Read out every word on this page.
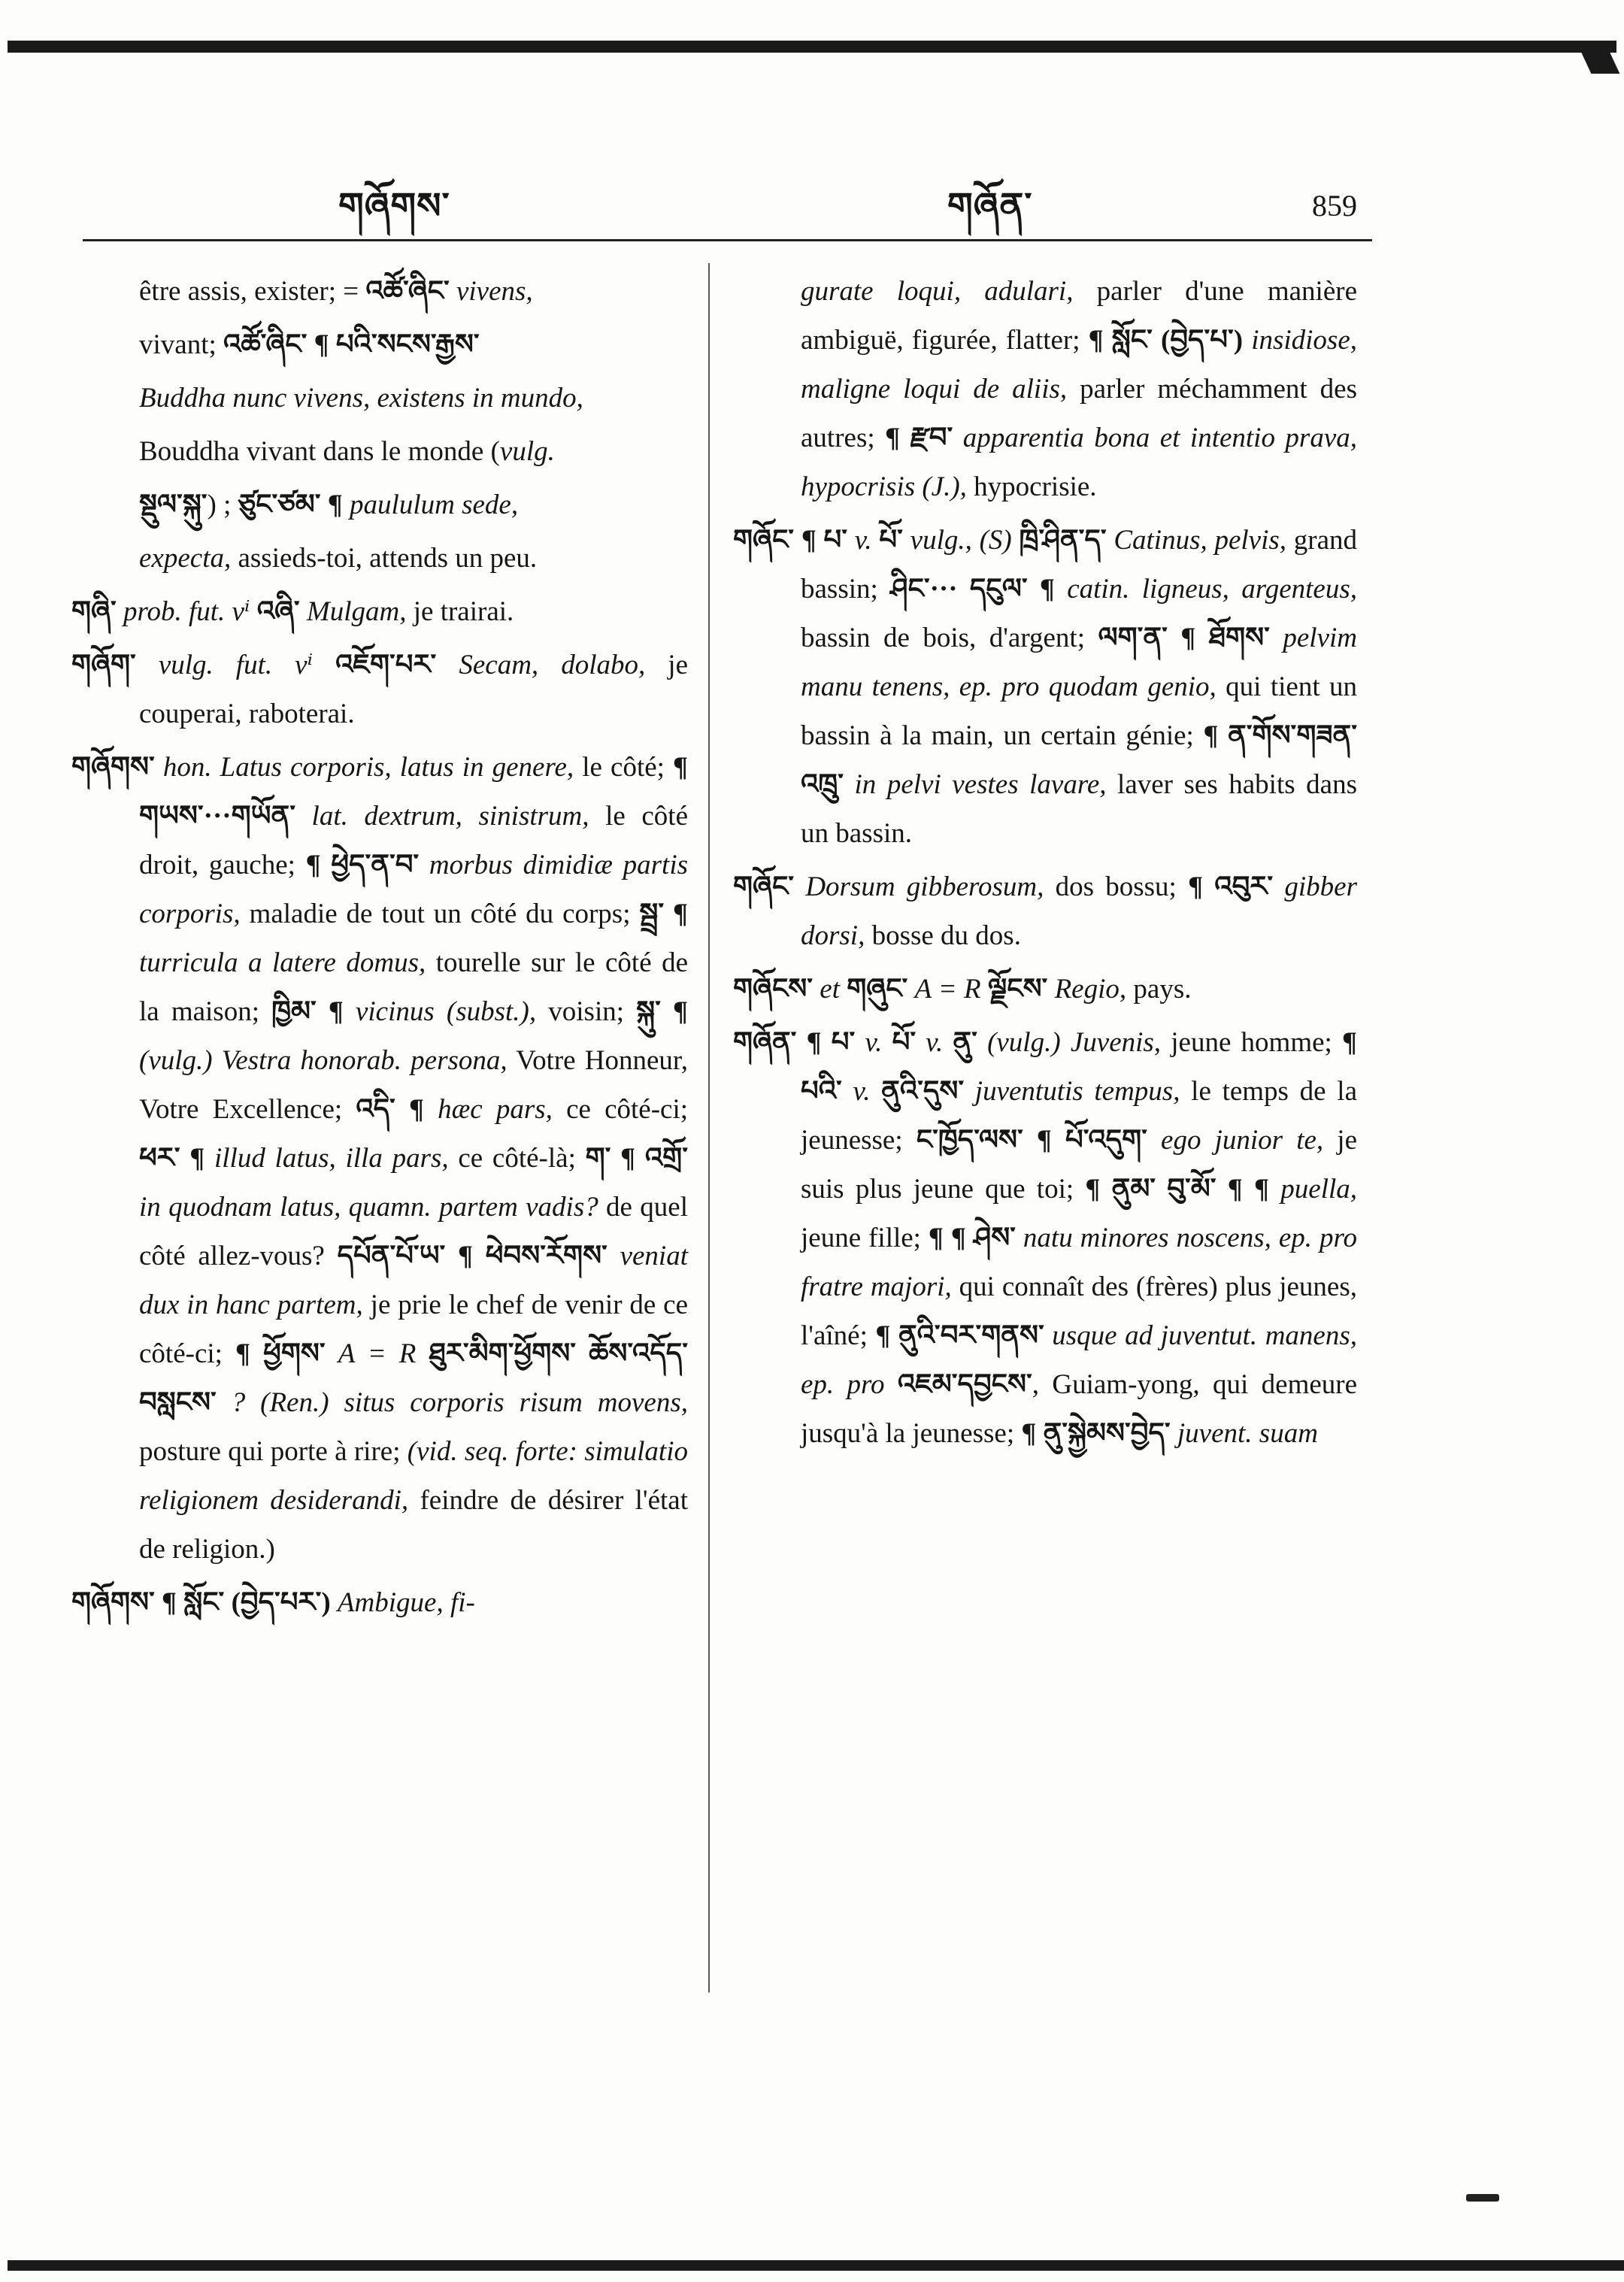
གཞོགས་	གཞོན་	859

être assis, exister; = འཚོ་ཞིང་ vivens,

vivant; འཚོ་ཞིང་ ¶ པའི་སངས་རྒྱས་

Buddha nunc vivens, existens in mundo,

Bouddha vivant dans le monde (vulg.

སྡུལ་སྐུ་) ; ཙུང་ཙམ་ ¶ paululum sede,

expecta, assieds-toi, attends un peu.

གཞི་ prob. fut. vⁱ འཞི་ Mulgam, je trairai.

གཞོག་ vulg. fut. vⁱ འཇོག་པར་ Secam, dolabo, je couperai, raboterai.

གཞོགས་ hon. Latus corporis, latus in genere, le côté; ¶ གཡས་···གཡོན་ lat. dextrum, sinistrum, le côté droit, gauche; ¶ ཕྱེད་ན་བ་ morbus dimidiæ partis corporis, maladie de tout un côté du corps; སྦྲ་ ¶ turricula a latere domus, tourelle sur le côté de la maison; ཁྱིམ་ ¶ vicinus (subst.), voisin; སྐུ་ ¶ (vulg.) Vestra honorab. persona, Votre Honneur, Votre Excellence; འདི་ ¶ hæc pars, ce côté-ci; ཕར་ ¶ illud latus, illa pars, ce côté-là; ག་ ¶ འགྲོ་ in quodnam latus, quamn. partem vadis? de quel côté allez-vous? དཔོན་པོ་ཡ་ ¶ ཕེབས་རོགས་ veniat dux in hanc partem, je prie le chef de venir de ce côté-ci; ¶ ཕྱོགས་ A = R ཐུར་མིག་ཕྱོགས་ ཆོས་འདོད་བསླངས་ ? (Ren.) situs corporis risum movens, posture qui porte à rire; (vid. seq. forte: simulatio religionem desiderandi, feindre de désirer l'état de religion.)

གཞོགས་ ¶ སློང་ (བྱེད་པར་) Ambigue, fi-

gurate loqui, adulari, parler d'une manière ambiguë, figurée, flatter; ¶ སློང་ (བྱེད་པ་) insidiose, maligne loqui de aliis, parler méchamment des autres; ¶ རྫབ་ apparentia bona et intentio prava, hypocrisis (J.), hypocrisie.

གཞོང་ ¶ པ་ v. པོ་ vulg., (S) ཁྲི་ཤིན་ད་ Catinus, pelvis, grand bassin; ཤིང་··· དངུལ་ ¶ catin. ligneus, argenteus, bassin de bois, d'argent; ལག་ན་ ¶ ཐོགས་ pelvim manu tenens, ep. pro quodam genio, qui tient un bassin à la main, un certain génie; ¶ ན་གོས་གཟན་འཁྲུ་ in pelvi vestes lavare, laver ses habits dans un bassin.

གཞོང་ Dorsum gibberosum, dos bossu; ¶ འབུར་ gibber dorsi, bosse du dos.

གཞོངས་ et གཞུང་ A = R ལྗོངས་ Regio, pays.

གཞོན་ ¶ པ་ v. པོ་ v. ནུ་ (vulg.) Juvenis, jeune homme; ¶ པའི་ v. ནུའི་དུས་ juventutis tempus, le temps de la jeunesse; ང་ཁྱོད་ལས་ ¶ པོ་འདུག་ ego junior te, je suis plus jeune que toi; ¶ ནུམ་ བུ་མོ་ ¶ ¶ puella, jeune fille; ¶ ¶ ཤེས་ natu minores noscens, ep. pro fratre majori, qui connaît des (frères) plus jeunes, l'aîné; ¶ ནུའི་བར་གནས་ usque ad juventut. manens, ep. pro འཇམ་དབྱངས་, Guiam-yong, qui demeure jusqu'à la jeunesse; ¶ ནུ་སྐྱེམས་བྱེད་ juvent. suam
